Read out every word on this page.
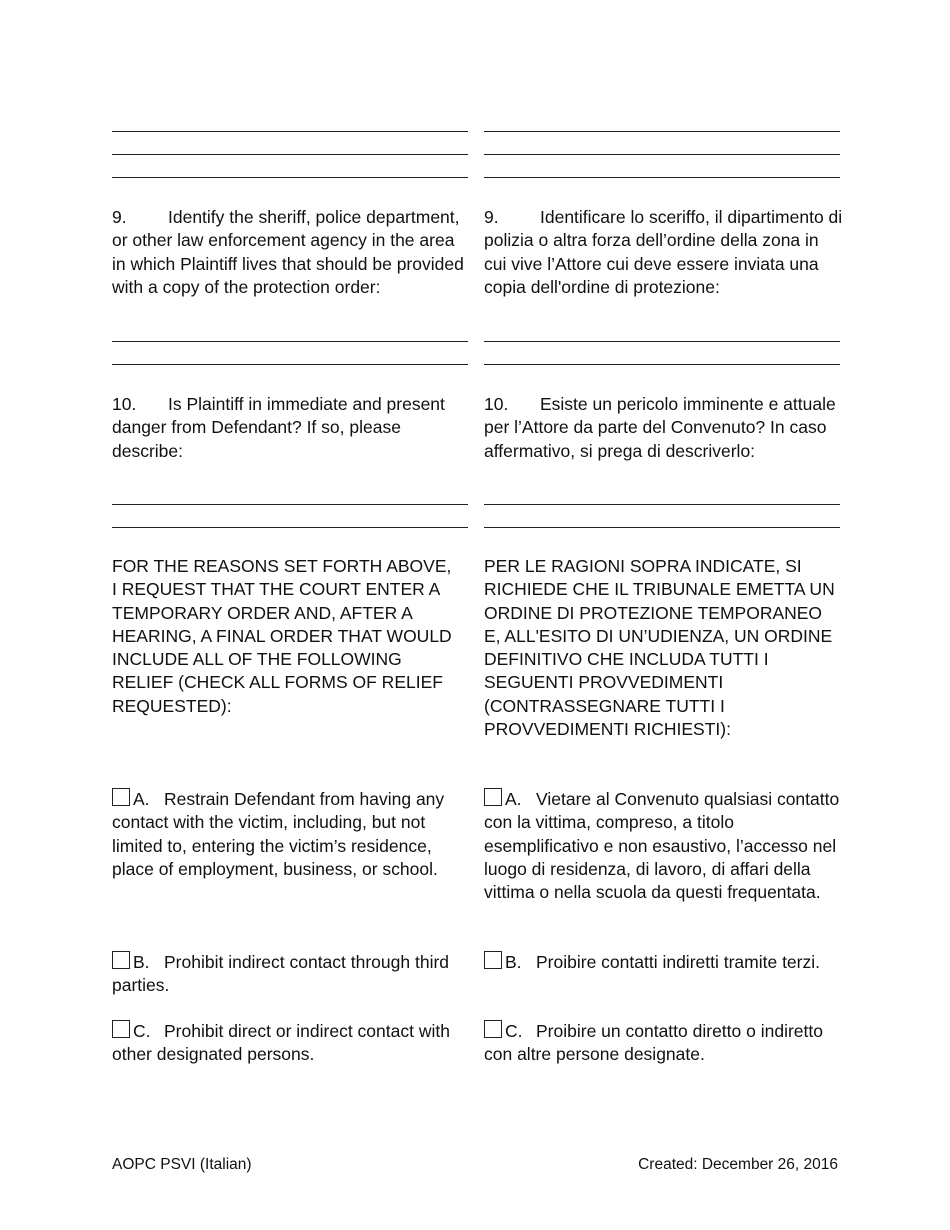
9. Identify the sheriff, police department, or other law enforcement agency in the area in which Plaintiff lives that should be provided with a copy of the protection order:
9. Identificare lo sceriffo, il dipartimento di polizia o altra forza dell’ordine della zona in cui vive l’Attore cui deve essere inviata una copia dell'ordine di protezione:
10. Is Plaintiff in immediate and present danger from Defendant? If so, please describe:
10. Esiste un pericolo imminente e attuale per l’Attore da parte del Convenuto? In caso affermativo, si prega di descriverlo:
FOR THE REASONS SET FORTH ABOVE, I REQUEST THAT THE COURT ENTER A TEMPORARY ORDER AND, AFTER A HEARING, A FINAL ORDER THAT WOULD INCLUDE ALL OF THE FOLLOWING RELIEF (CHECK ALL FORMS OF RELIEF REQUESTED):
PER LE RAGIONI SOPRA INDICATE, SI RICHIEDE CHE IL TRIBUNALE EMETTA UN ORDINE DI PROTEZIONE TEMPORANEO E, ALL'ESITO DI UN’UDIENZA, UN ORDINE DEFINITIVO CHE INCLUDA TUTTI I SEGUENTI PROVVEDIMENTI (CONTRASSEGNARE TUTTI I PROVVEDIMENTI RICHIESTI):
A. Restrain Defendant from having any contact with the victim, including, but not limited to, entering the victim’s residence, place of employment, business, or school.
A. Vietare al Convenuto qualsiasi contatto con la vittima, compreso, a titolo esemplificativo e non esaustivo, l’accesso nel luogo di residenza, di lavoro, di affari della vittima o nella scuola da questi frequentata.
B. Prohibit indirect contact through third parties.
B. Proibire contatti indiretti tramite terzi.
C. Prohibit direct or indirect contact with other designated persons.
C. Proibire un contatto diretto o indiretto con altre persone designate.
AOPC PSVI (Italian)	Created: December 26, 2016
